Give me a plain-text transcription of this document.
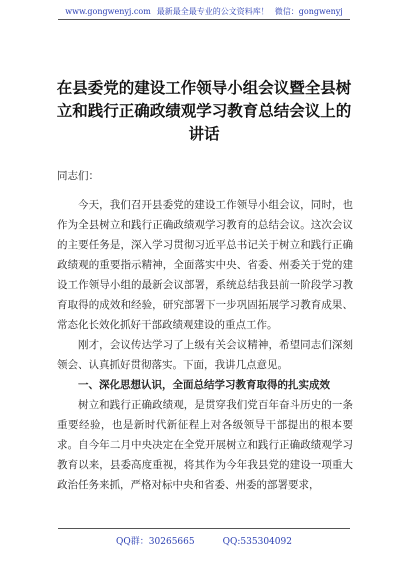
www.gongwenyj.com 最新最全最专业的公文资料库！ 微信：gongwenyj
在县委党的建设工作领导小组会议暨全县树立和践行正确政绩观学习教育总结会议上的讲话

同志们：

今天，我们召开县委党的建设工作领导小组会议，同时，也作为全县树立和践行正确政绩观学习教育的总结会议。这次会议的主要任务是，深入学习贯彻习近平总书记关于树立和践行正确政绩观的重要指示精神，全面落实中央、省委、州委关于党的建设工作领导小组的最新会议部署，系统总结我县前一阶段学习教育取得的成效和经验，研究部署下一步巩固拓展学习教育成果、常态化长效化抓好干部政绩观建设的重点工作。

刚才，会议传达学习了上级有关会议精神，希望同志们深刻领会、认真抓好贯彻落实。下面，我讲几点意见。

一、深化思想认识，全面总结学习教育取得的扎实成效

树立和践行正确政绩观，是贯穿我们党百年奋斗历史的一条重要经验，也是新时代新征程上对各级领导干部提出的根本要求。自今年二月中央决定在全党开展树立和践行正确政绩观学习教育以来，县委高度重视，将其作为今年我县党的建设一项重大政治任务来抓，严格对标中央和省委、州委的部署要求，

QQ群：30265665	QQ:535304092
